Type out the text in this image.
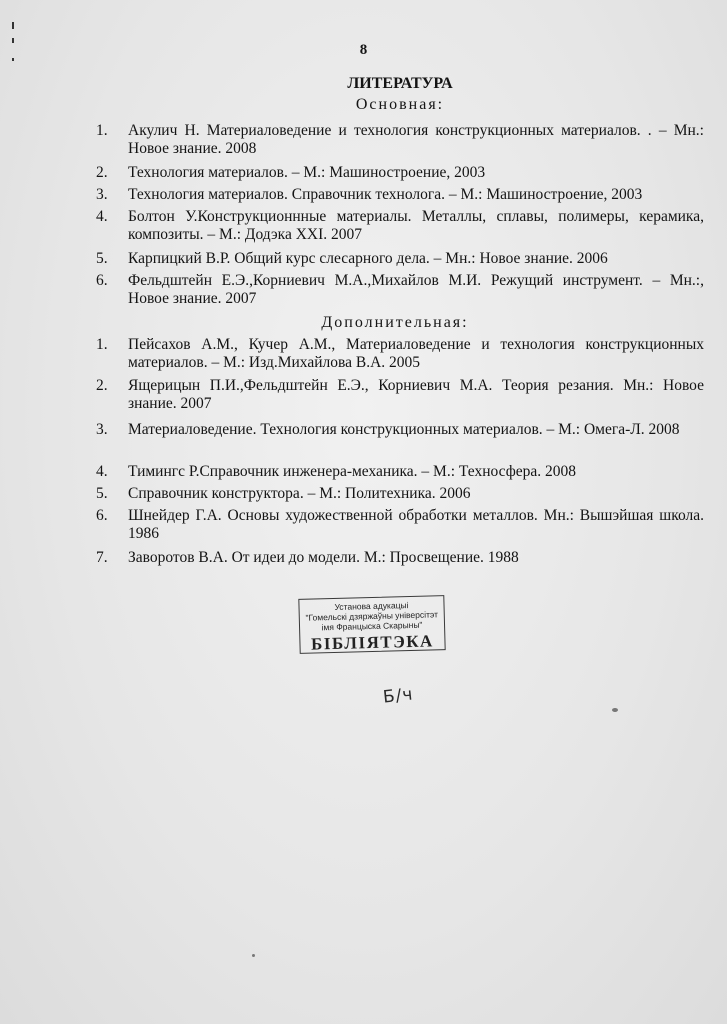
8
ЛИТЕРАТУРА
Основная:
1.	Акулич Н. Материаловедение и технология конструкционных материалов. . – Мн.: Новое знание. 2008
2.	Технология материалов. – М.: Машиностроение, 2003
3.	Технология материалов. Справочник технолога. – М.: Машиностроение, 2003
4.	Болтон У.Конструкционнные материалы. Металлы, сплавы, полимеры, керамика, композиты. – М.: Додэка XXI. 2007
5.	Карпицкий В.Р. Общий курс слесарного дела. – Мн.: Новое знание. 2006
6.	Фельдштейн Е.Э.,Корниевич М.А.,Михайлов М.И. Режущий инструмент. – Мн.:, Новое знание. 2007
Дополнительная:
1.	Пейсахов А.М., Кучер А.М., Материаловедение и технология конструкционных материалов. – М.: Изд.Михайлова В.А. 2005
2.	Ящерицын П.И.,Фельдштейн Е.Э., Корниевич М.А. Теория резания. Мн.: Новое знание. 2007
3.	Материаловедение. Технология конструкционных материалов. – М.: Омега-Л. 2008
4.	Тимингс Р.Справочник инженера-механика. – М.: Техносфера. 2008
5.	Справочник конструктора. – М.: Политехника. 2006
6.	Шнейдер Г.А. Основы художественной обработки металлов. Мн.: Вышэйшая школа. 1986
7.	Заворотов В.А. От идеи до модели. М.: Просвещение. 1988
Установа адукацыі
"Гомельскі дзяржаўны універсітэт
імя Францыска Скарыны"
БІБЛІЯТЭКА
Б/ч
